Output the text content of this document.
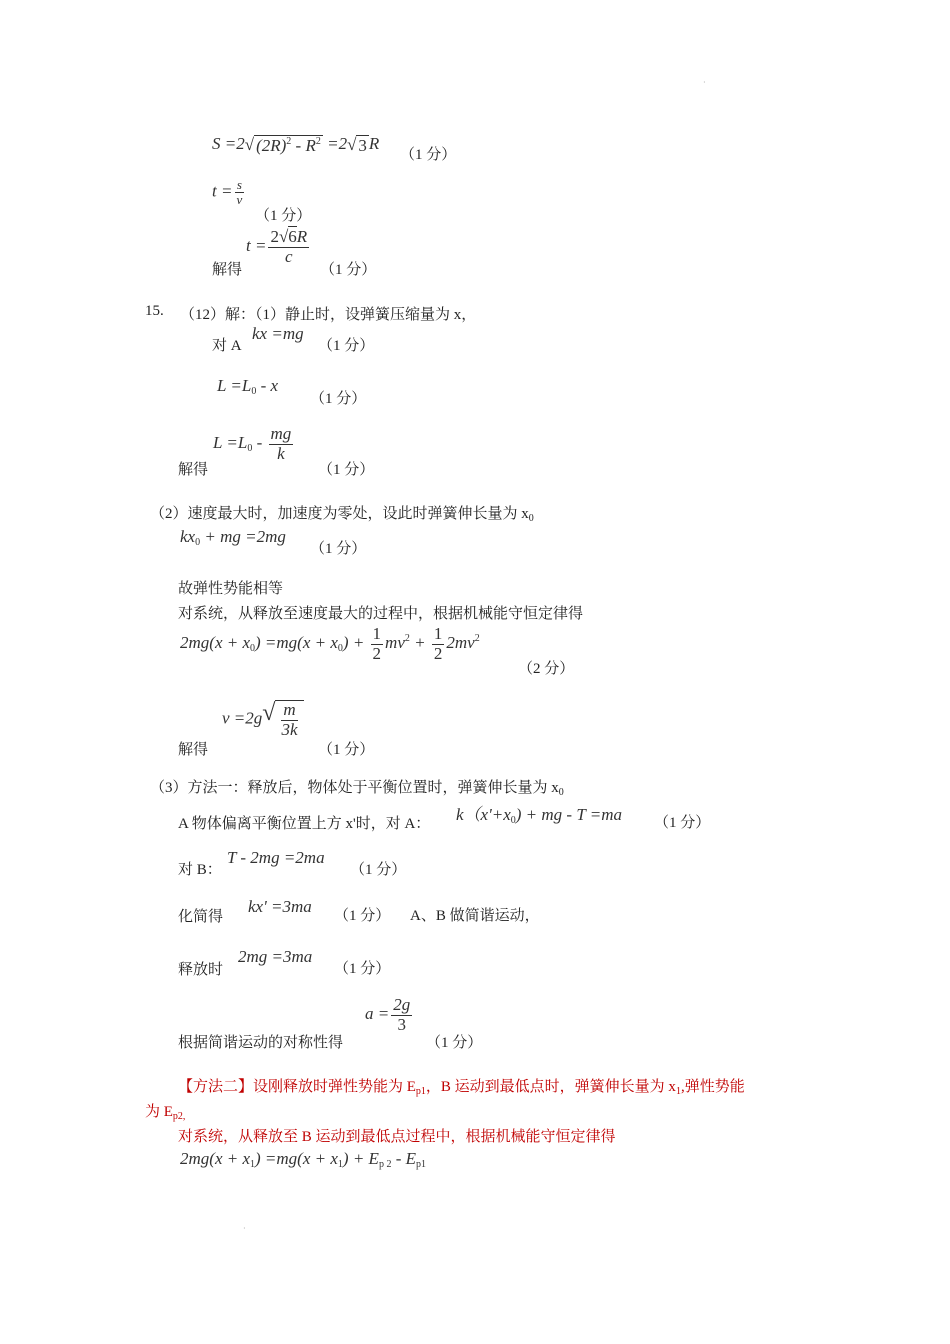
·
S =2 √ $(2R)^2 - R^2 =2$ √ 3 R
（1 分）
$t = \frac{s}{v}$
（1 分）
解得
$t = \frac{2√6R}{c}$
（1 分）
15. （12）解：（1）静止时，设弹簧压缩量为 x，
对 A
kx =mg
（1 分）
$L =L_0 - x$
（1 分）
解得
$L =L_0 - \frac{mg}{k}$
（1 分）
（2）速度最大时，加速度为零处，设此时弹簧伸长量为 $x_0$
$kx_0$ + mg =2mg
（1 分）
故弹性势能相等
对系统，从释放至速度最大的过程中，根据机械能守恒定律得
$2mg(x + x_0) =mg(x + x_0) + \frac{1}{2} mv^2 + \frac{1}{2} 2mv^2$
（2 分）
解得
v =2g √ $\frac{m}{3k}$
（1 分）
（3）方法一：释放后，物体处于平衡位置时，弹簧伸长量为 $x_0$
A 物体偏离平衡位置上方 x'时，对 A： $k(x'+x_0)$ + mg - T =ma （1 分）
对 B：
T - 2mg =2ma
（1 分）
化简得
kx' =3ma （1 分） A、B 做简谐运动，
释放时
2mg =3ma
（1 分）
根据简谐运动的对称性得
$a = \frac{2g}{3}$
（1 分）
【方法二】设刚释放时弹性势能为 $E_{p1}$，B 运动到最低点时，弹簧伸长量为 $x_1$,弹性势能
为 $E_{p2,}$
对系统，从释放至 B 运动到最低点过程中，根据机械能守恒定律得
$2mg(x + x_1) =mg(x + x_1) + E_{p 2} - E_{p1}$
·
